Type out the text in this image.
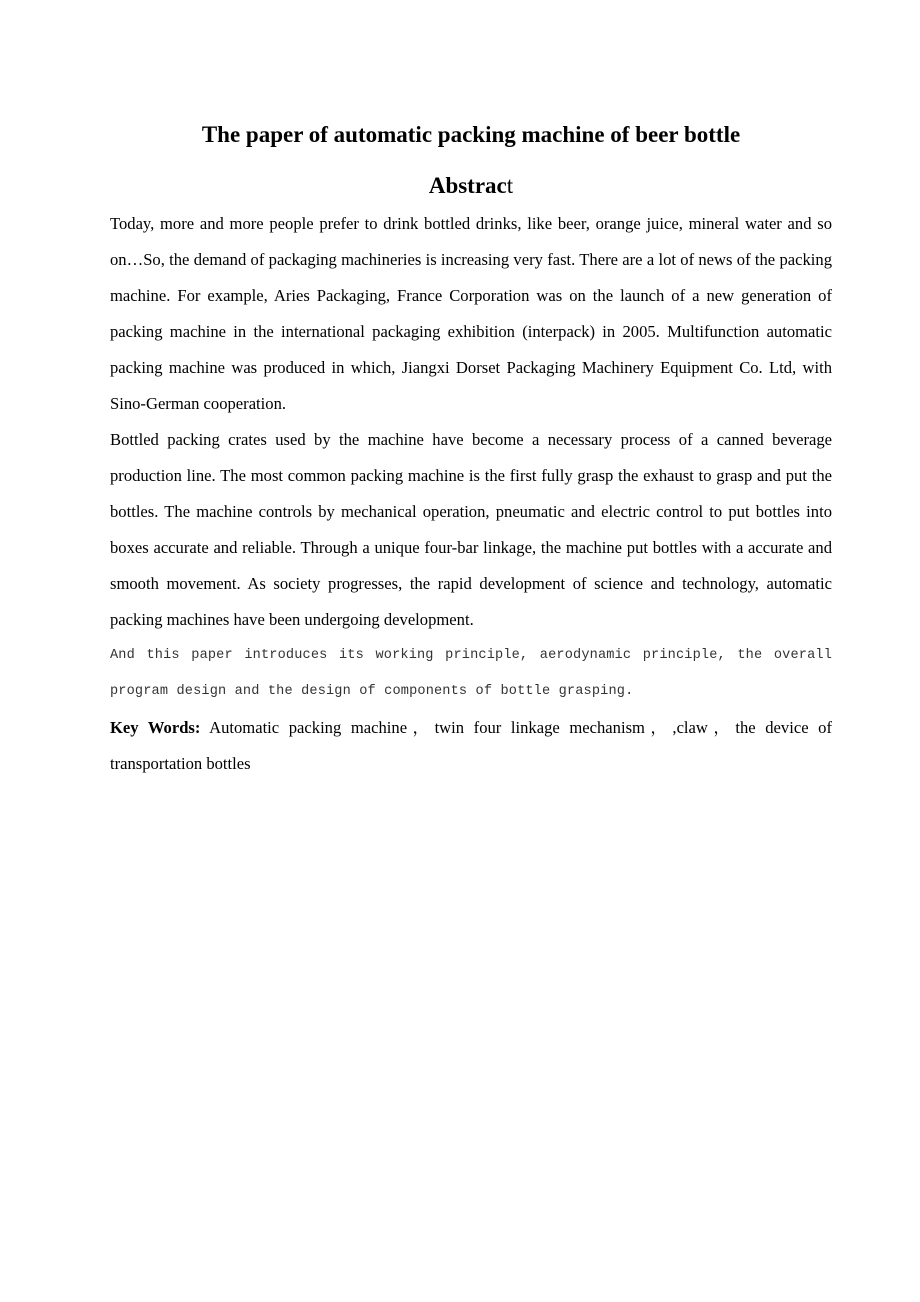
The paper of automatic packing machine of beer bottle
Abstract

Today, more and more people prefer to drink bottled drinks, like beer, orange juice, mineral water and so on…So, the demand of packaging machineries is increasing very fast. There are a lot of news of the packing machine. For example, Aries Packaging, France Corporation was on the launch of a new generation of packing machine in the international packaging exhibition (interpack) in 2005. Multifunction automatic packing machine was produced in which, Jiangxi Dorset Packaging Machinery Equipment Co. Ltd, with Sino-German cooperation.

Bottled packing crates used by the machine have become a necessary process of a canned beverage production line. The most common packing machine is the first fully grasp the exhaust to grasp and put the bottles. The machine controls by mechanical operation, pneumatic and electric control to put bottles into boxes accurate and reliable. Through a unique four-bar linkage, the machine put bottles with a accurate and smooth movement. As society progresses, the rapid development of science and technology, automatic packing machines have been undergoing development.

And this paper introduces its working principle, aerodynamic principle, the overall program design and the design of components of bottle grasping.

Key Words: Automatic packing machine，twin four linkage mechanism，,claw，the device of transportation bottles
